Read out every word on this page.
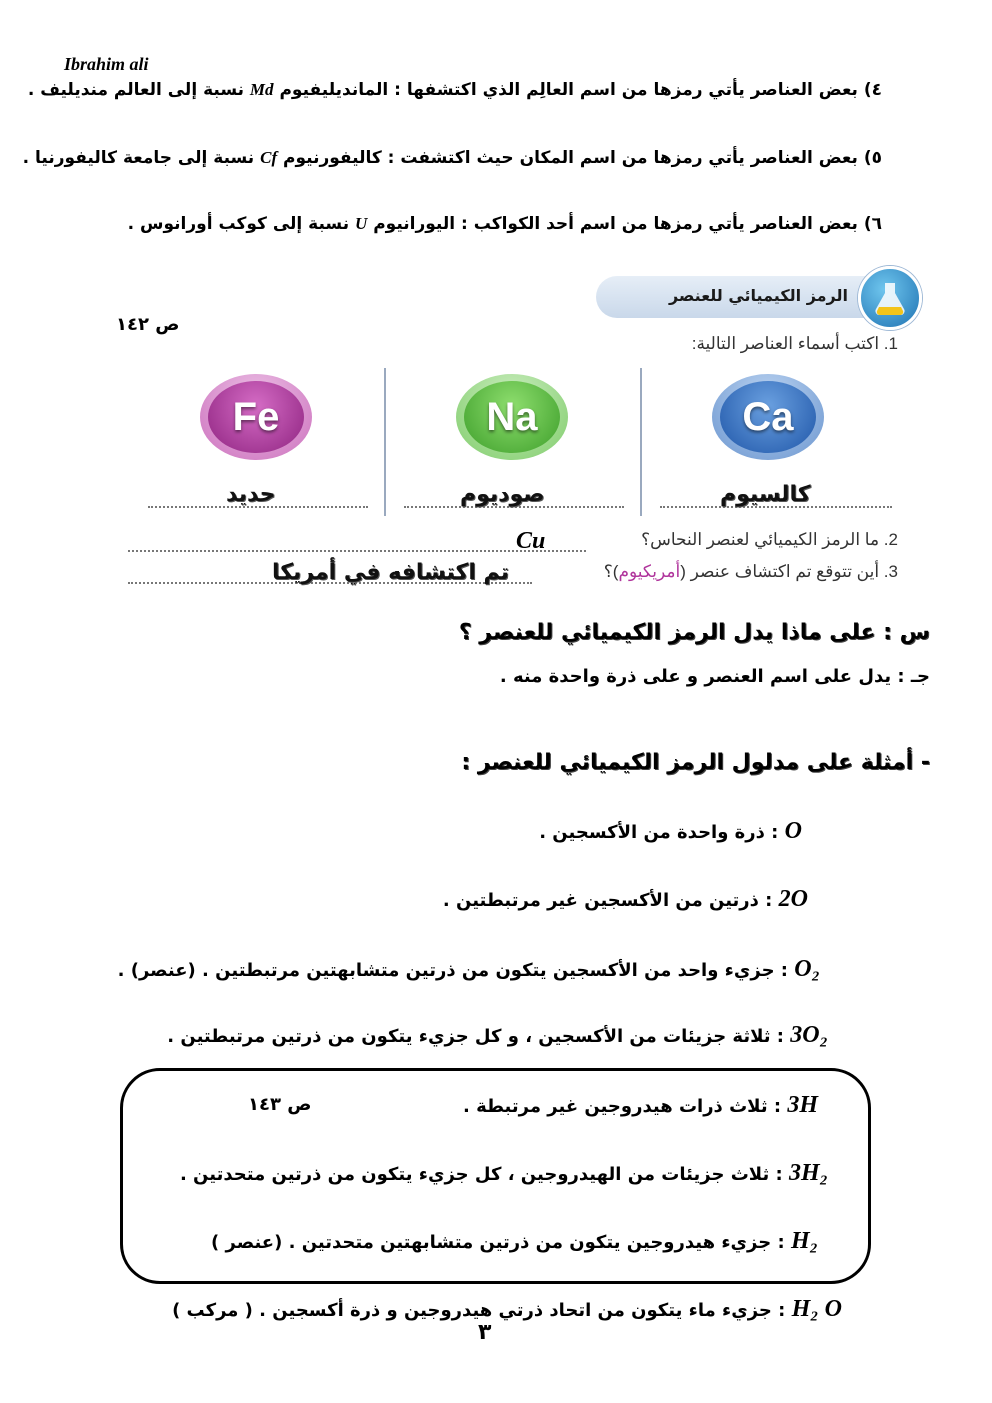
Ibrahim ali
٤) بعض العناصر يأتي رمزها من اسم العالِم الذي اكتشفها : المانديليفيوم Md نسبة إلى العالم منديليف .
٥) بعض العناصر يأتي رمزها من اسم المكان حيث اكتشفت : كاليفورنيوم Cf نسبة إلى جامعة كاليفورنيا .
٦) بعض العناصر يأتي رمزها من اسم أحد الكواكب : اليورانيوم U نسبة إلى كوكب أورانوس .
ص ١٤٢
الرمز الكيميائي للعنصر
1. اكتب أسماء العناصر التالية:
Ca
Na
Fe
كالسيوم
صوديوم
حديد
2. ما الرمز الكيميائي لعنصر النحاس؟
Cu
3. أين تتوقع تم اكتشاف عنصر (أمريكيوم)؟
تم اكتشافه في أمريكا
س : على ماذا يدل الرمز الكيميائي للعنصر ؟
جـ : يدل على اسم العنصر و على ذرة واحدة منه .
- أمثلة على مدلول الرمز الكيميائي للعنصر :
O : ذرة واحدة من الأكسجين .
2O : ذرتين من الأكسجين غير مرتبطتين .
O₂ : جزيء واحد من الأكسجين يتكون من ذرتين متشابهتين مرتبطتين . (عنصر) .
3O₂ : ثلاثة جزيئات من الأكسجين ، و كل جزيء يتكون من ذرتين مرتبطتين .
ص ١٤٣	3H : ثلاث ذرات هيدروجين غير مرتبطة .
3H₂ : ثلاث جزيئات من الهيدروجين ، كل جزيء يتكون من ذرتين متحدتين .
H₂ : جزيء هيدروجين يتكون من ذرتين متشابهتين متحدتين . (عنصر )
H₂ O : جزيء ماء يتكون من اتحاد ذرتي هيدروجين و ذرة أكسجين . ( مركب )
٣
